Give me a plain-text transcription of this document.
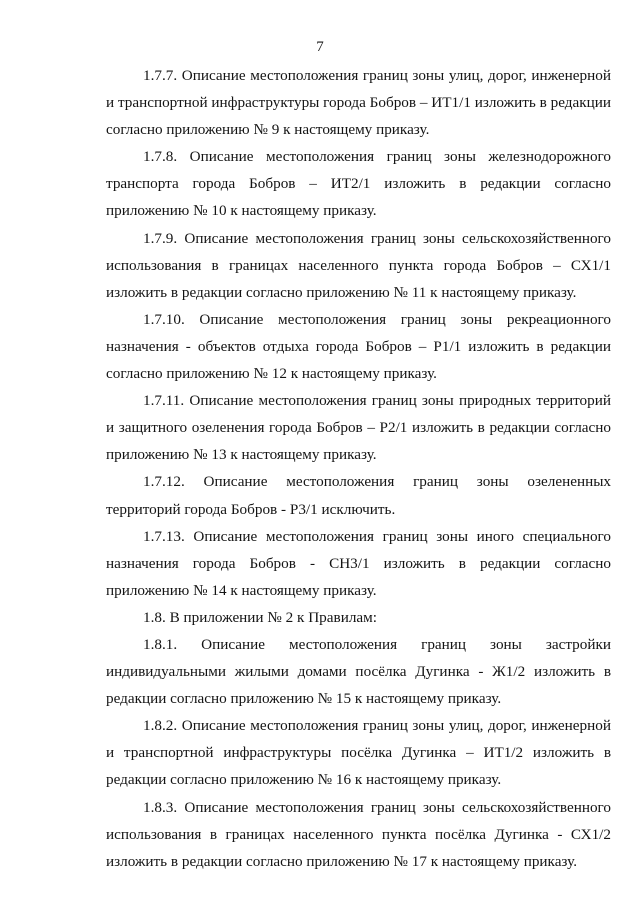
7

1.7.7. Описание местоположения границ зоны улиц, дорог, инженерной и транспортной инфраструктуры города Бобров – ИТ1/1 изложить в редакции согласно приложению № 9 к настоящему приказу.

1.7.8. Описание местоположения границ зоны железнодорожного транспорта города Бобров – ИТ2/1 изложить в редакции согласно приложению № 10 к настоящему приказу.

1.7.9. Описание местоположения границ зоны сельскохозяйственного использования в границах населенного пункта города Бобров – СХ1/1 изложить в редакции согласно приложению № 11 к настоящему приказу.

1.7.10. Описание местоположения границ зоны рекреационного назначения - объектов отдыха города Бобров – Р1/1 изложить в редакции согласно приложению № 12 к настоящему приказу.

1.7.11. Описание местоположения границ зоны природных территорий и защитного озеленения города Бобров – Р2/1 изложить в редакции согласно приложению № 13 к настоящему приказу.

1.7.12. Описание местоположения границ зоны озелененных территорий города Бобров - Р3/1 исключить.

1.7.13. Описание местоположения границ зоны иного специального назначения города Бобров - СН3/1 изложить в редакции согласно приложению № 14 к настоящему приказу.

1.8. В приложении № 2 к Правилам:

1.8.1. Описание местоположения границ зоны застройки индивидуальными жилыми домами посёлка Дугинка - Ж1/2 изложить в редакции согласно приложению № 15 к настоящему приказу.

1.8.2. Описание местоположения границ зоны улиц, дорог, инженерной и транспортной инфраструктуры посёлка Дугинка – ИТ1/2 изложить в редакции согласно приложению № 16 к настоящему приказу.

1.8.3. Описание местоположения границ зоны сельскохозяйственного использования в границах населенного пункта посёлка Дугинка - СХ1/2 изложить в редакции согласно приложению № 17 к настоящему приказу.
